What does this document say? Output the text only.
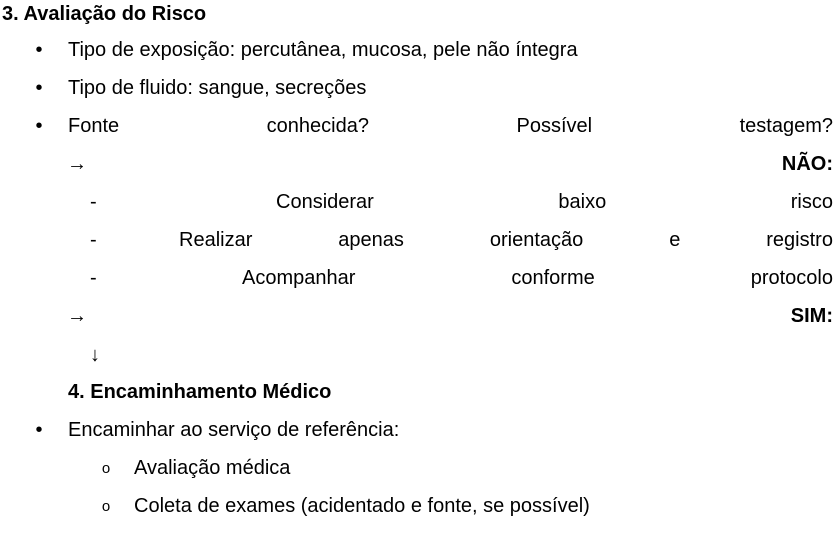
3. Avaliação do Risco
• Tipo de exposição: percutânea, mucosa, pele não íntegra
• Tipo de fluido: sangue, secreções
• Fonte	conhecida?	Possível	testagem?
→	NÃO:
-	Considerar	baixo	risco
-	Realizar	apenas	orientação	e	registro
-	Acompanhar	conforme	protocolo
→	SIM:
↓
4. Encaminhamento Médico
• Encaminhar ao serviço de referência:
o Avaliação médica
o Coleta de exames (acidentado e fonte, se possível)
